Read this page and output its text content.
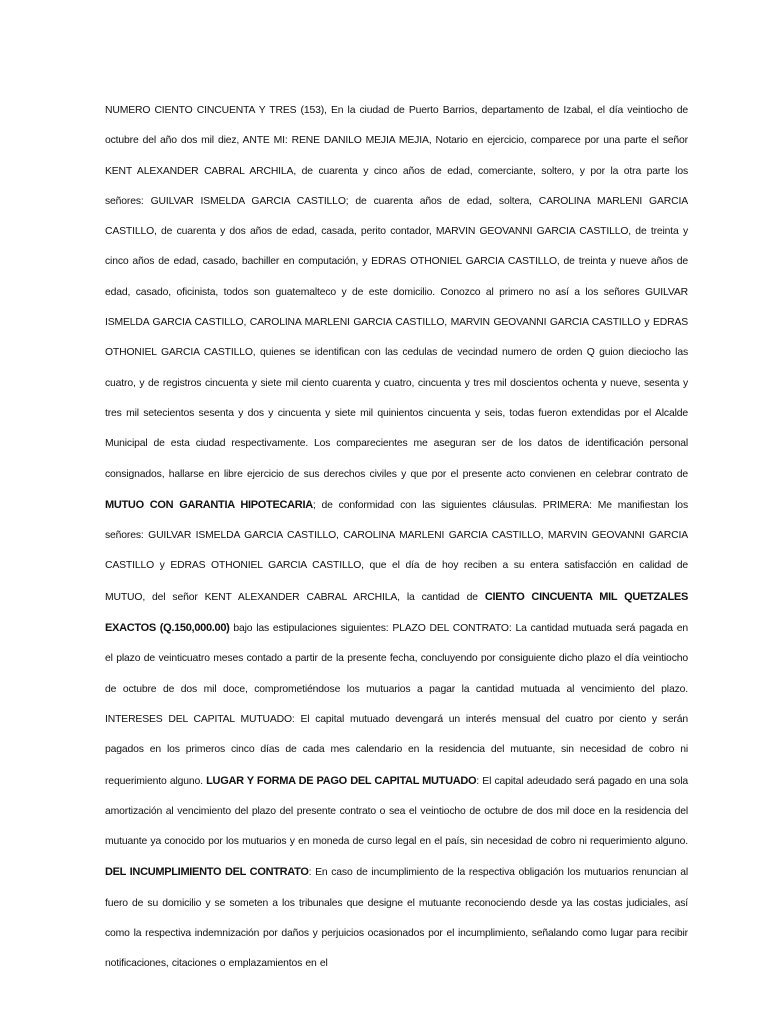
NUMERO CIENTO CINCUENTA Y TRES (153), En la ciudad de Puerto Barrios, departamento de Izabal, el día veintiocho de octubre del año dos mil diez, ANTE MI: RENE DANILO MEJIA MEJIA, Notario en ejercicio, comparece por una parte el señor KENT ALEXANDER CABRAL ARCHILA, de cuarenta y cinco años de edad, comerciante, soltero, y por la otra parte los señores: GUILVAR ISMELDA GARCIA CASTILLO; de cuarenta años de edad, soltera, CAROLINA MARLENI GARCIA CASTILLO, de cuarenta y dos años de edad, casada, perito contador, MARVIN GEOVANNI GARCIA CASTILLO, de treinta y cinco años de edad, casado, bachiller en computación, y EDRAS OTHONIEL GARCIA CASTILLO, de treinta y nueve años de edad, casado, oficinista, todos son guatemalteco y de este domicilio. Conozco al primero no así a los señores GUILVAR ISMELDA GARCIA CASTILLO, CAROLINA MARLENI GARCIA CASTILLO, MARVIN GEOVANNI GARCIA CASTILLO y EDRAS OTHONIEL GARCIA CASTILLO, quienes se identifican con las cedulas de vecindad numero de orden Q guion dieciocho las cuatro, y de registros cincuenta y siete mil ciento cuarenta y cuatro, cincuenta y tres mil doscientos ochenta y nueve, sesenta y tres mil setecientos sesenta y dos y cincuenta y siete mil quinientos cincuenta y seis, todas fueron extendidas por el Alcalde Municipal de esta ciudad respectivamente. Los comparecientes me aseguran ser de los datos de identificación personal consignados, hallarse en libre ejercicio de sus derechos civiles y que por el presente acto convienen en celebrar contrato de MUTUO CON GARANTIA HIPOTECARIA; de conformidad con las siguientes cláusulas. PRIMERA: Me manifiestan los señores: GUILVAR ISMELDA GARCIA CASTILLO, CAROLINA MARLENI GARCIA CASTILLO, MARVIN GEOVANNI GARCIA CASTILLO y EDRAS OTHONIEL GARCIA CASTILLO, que el día de hoy reciben a su entera satisfacción en calidad de MUTUO, del señor KENT ALEXANDER CABRAL ARCHILA, la cantidad de CIENTO CINCUENTA MIL QUETZALES EXACTOS (Q.150,000.00) bajo las estipulaciones siguientes: PLAZO DEL CONTRATO: La cantidad mutuada será pagada en el plazo de veinticuatro meses contado a partir de la presente fecha, concluyendo por consiguiente dicho plazo el día veintiocho de octubre de dos mil doce, comprometiéndose los mutuarios a pagar la cantidad mutuada al vencimiento del plazo. INTERESES DEL CAPITAL MUTUADO: El capital mutuado devengará un interés mensual del cuatro por ciento y serán pagados en los primeros cinco días de cada mes calendario en la residencia del mutuante, sin necesidad de cobro ni requerimiento alguno. LUGAR Y FORMA DE PAGO DEL CAPITAL MUTUADO: El capital adeudado será pagado en una sola amortización al vencimiento del plazo del presente contrato o sea el veintiocho de octubre de dos mil doce en la residencia del mutuante ya conocido por los mutuarios y en moneda de curso legal en el país, sin necesidad de cobro ni requerimiento alguno. DEL INCUMPLIMIENTO DEL CONTRATO: En caso de incumplimiento de la respectiva obligación los mutuarios renuncian al fuero de su domicilio y se someten a los tribunales que designe el mutuante reconociendo desde ya las costas judiciales, así como la respectiva indemnización por daños y perjuicios ocasionados por el incumplimiento, señalando como lugar para recibir notificaciones, citaciones o emplazamientos en el
